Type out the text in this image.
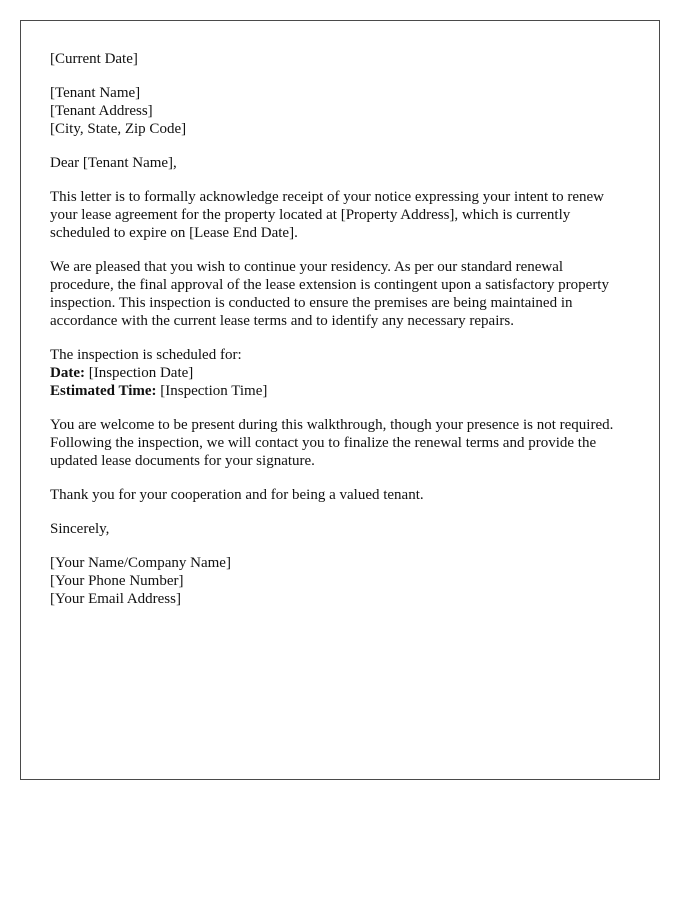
[Current Date]
[Tenant Name]
[Tenant Address]
[City, State, Zip Code]
Dear [Tenant Name],

This letter is to formally acknowledge receipt of your notice expressing your intent to renew your lease agreement for the property located at [Property Address], which is currently scheduled to expire on [Lease End Date].

We are pleased that you wish to continue your residency. As per our standard renewal procedure, the final approval of the lease extension is contingent upon a satisfactory property inspection. This inspection is conducted to ensure the premises are being maintained in accordance with the current lease terms and to identify any necessary repairs.

The inspection is scheduled for:
Date: [Inspection Date]
Estimated Time: [Inspection Time]

You are welcome to be present during this walkthrough, though your presence is not required. Following the inspection, we will contact you to finalize the renewal terms and provide the updated lease documents for your signature.

Thank you for your cooperation and for being a valued tenant.

Sincerely,
[Your Name/Company Name]
[Your Phone Number]
[Your Email Address]
